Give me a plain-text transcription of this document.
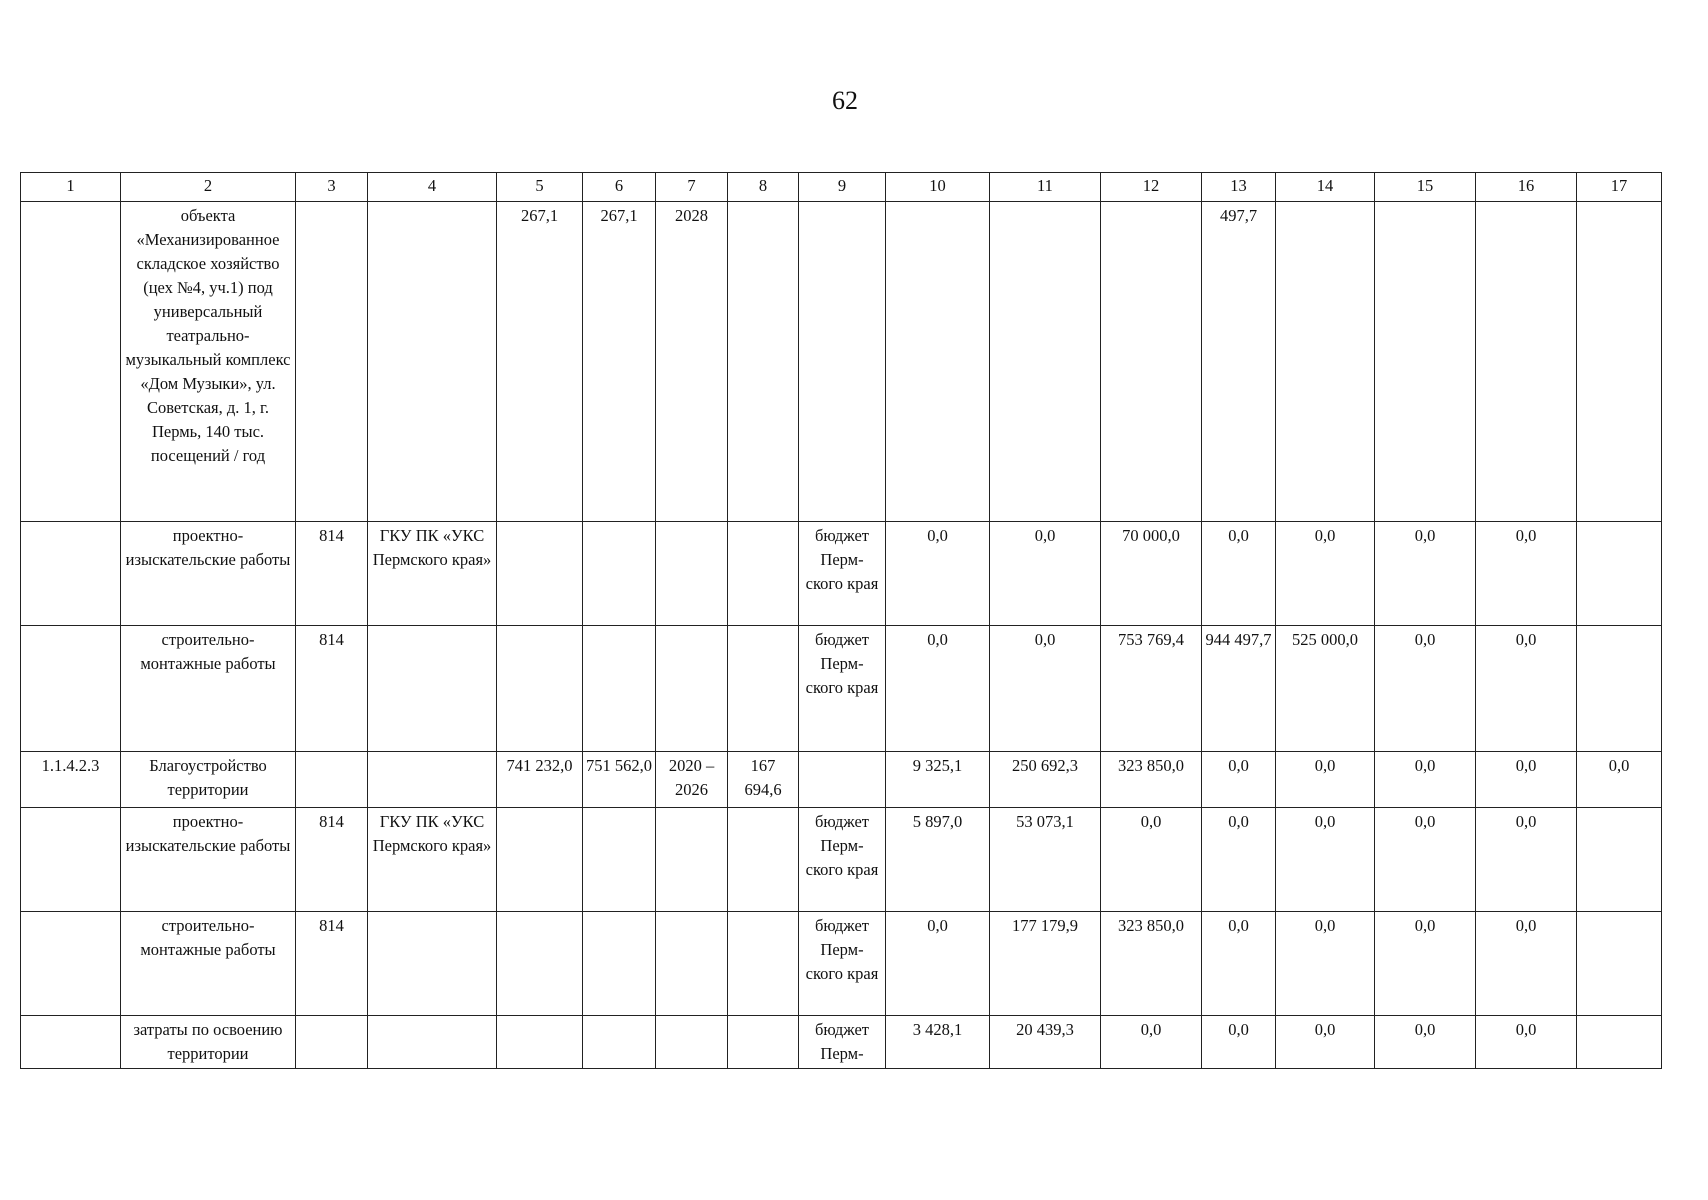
62
1	2	3	4	5	6	7	8	9	10	11	12	13	14	15	16	17
	объекта «Механизированное складское хозяйство (цех №4, уч.1) под универсальный театрально-музыкальный комплекс «Дом Музыки», ул. Советская, д. 1, г. Пермь, 140 тыс. посещений / год			267,1	267,1	2028						497,7				
	проектно-изыскательские работы	814	ГКУ ПК «УКС Пермского края»					бюджет Перм-ского края	0,0	0,0	70 000,0	0,0	0,0	0,0	0,0	
	строительно-монтажные работы	814						бюджет Перм-ского края	0,0	0,0	753 769,4	944 497,7	525 000,0	0,0	0,0	
1.1.4.2.3	Благоустройство территории			741 232,0	751 562,0	2020 – 2026	167 694,6		9 325,1	250 692,3	323 850,0	0,0	0,0	0,0	0,0	0,0
	проектно-изыскательские работы	814	ГКУ ПК «УКС Пермского края»					бюджет Перм-ского края	5 897,0	53 073,1	0,0	0,0	0,0	0,0	0,0	
	строительно-монтажные работы	814						бюджет Перм-ского края	0,0	177 179,9	323 850,0	0,0	0,0	0,0	0,0	
	затраты по освоению территории							бюджет Перм-	3 428,1	20 439,3	0,0	0,0	0,0	0,0	0,0	
